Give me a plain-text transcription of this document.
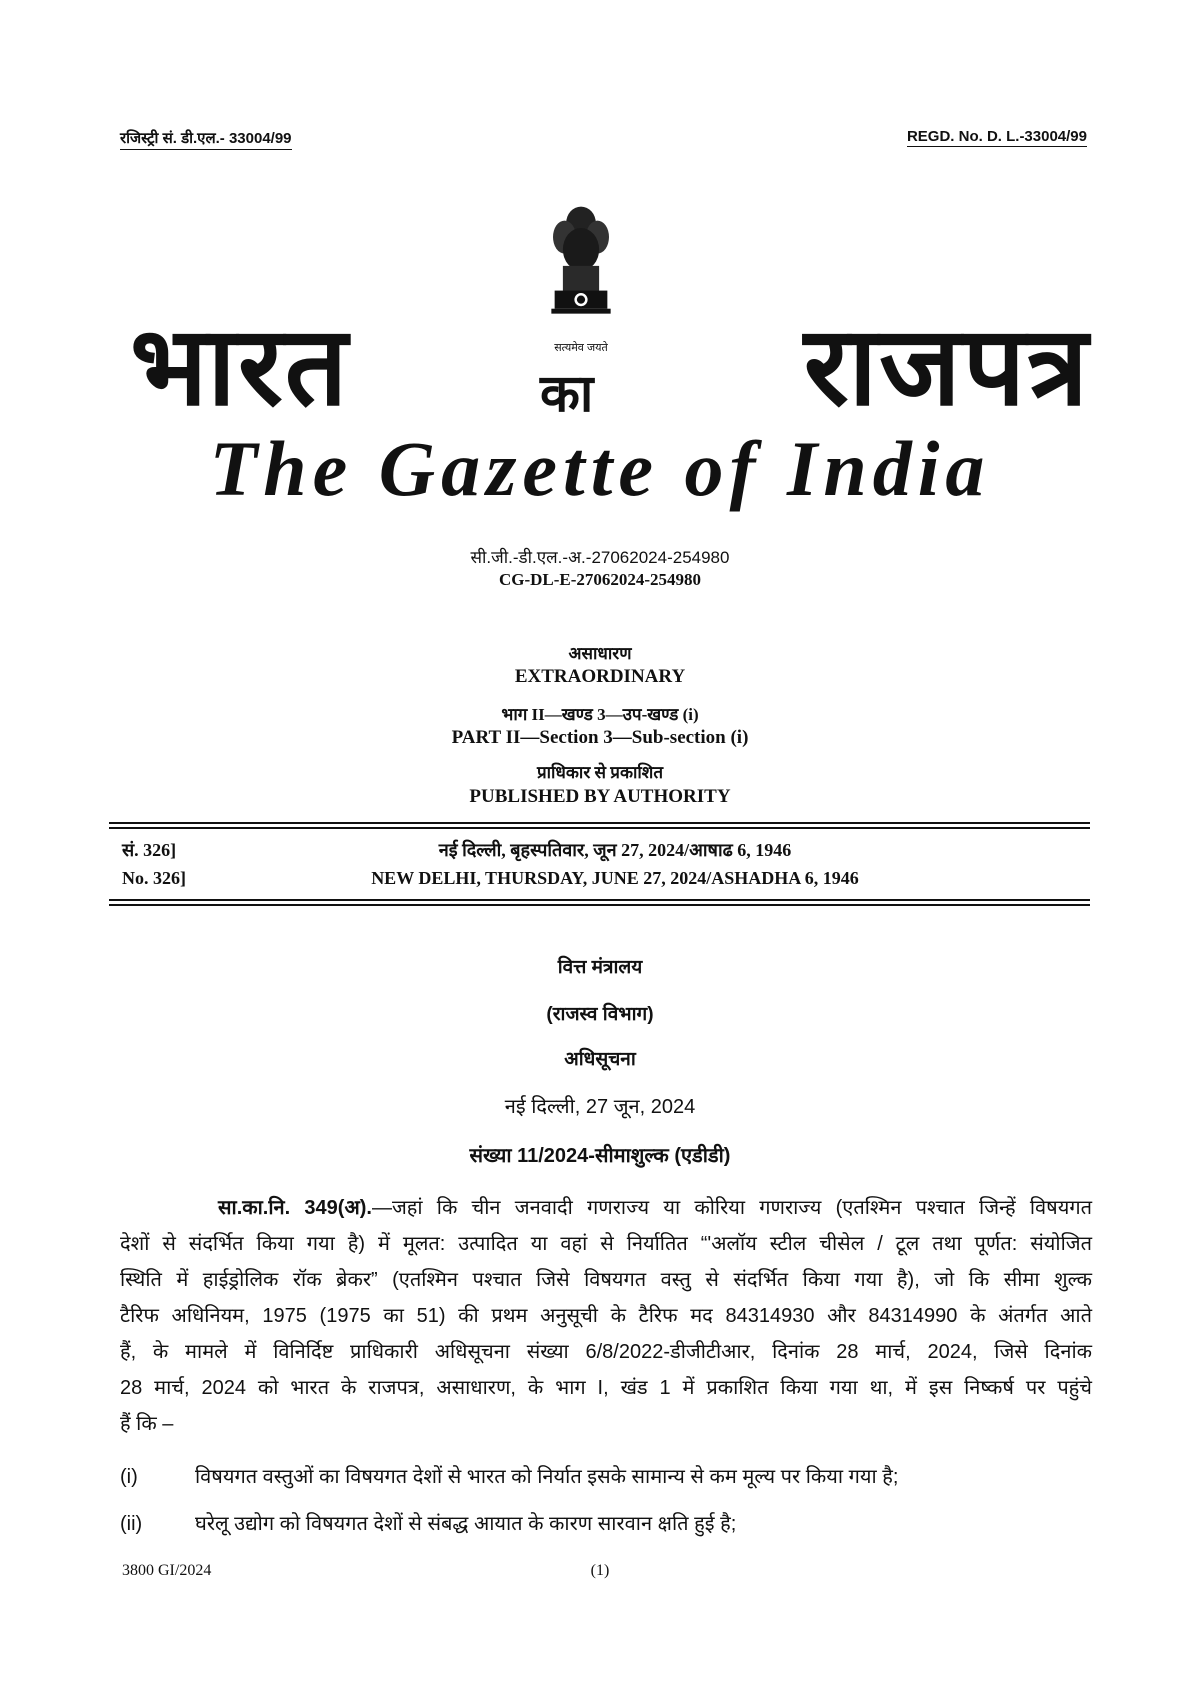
रजिस्ट्री सं. डी.एल.- 33004/99	REGD. No. D. L.-33004/99
सत्यमेव जयते
भारत	का राजपत्र
The Gazette of India
सी.जी.-डी.एल.-अ.-27062024-254980
CG-DL-E-27062024-254980
असाधारण
EXTRAORDINARY
भाग II—खण्ड 3—उप-खण्ड (i)
PART II—Section 3—Sub-section (i)
प्राधिकार से प्रकाशित
PUBLISHED BY AUTHORITY
सं. 326]	नई दिल्ली, बृहस्पतिवार, जून 27, 2024/आषाढ 6, 1946
No. 326]	NEW DELHI, THURSDAY, JUNE 27, 2024/ASHADHA 6, 1946
वित्त मंत्रालय
(राजस्व विभाग)
अधिसूचना
नई दिल्ली, 27 जून, 2024
संख्या 11/2024-सीमाशुल्क (एडीडी)
सा.का.नि. 349(अ).—जहां कि चीन जनवादी गणराज्य या कोरिया गणराज्य (एतश्मिन पश्चात जिन्हें विषयगत
देशों से संदर्भित किया गया है) में मूलत: उत्पादित या वहां से निर्यातित “'अलॉय स्टील चीसेल / टूल तथा पूर्णत: संयोजित
स्थिति में हाईड्रोलिक रॉक ब्रेकर” (एतश्मिन पश्चात जिसे विषयगत वस्तु से संदर्भित किया गया है), जो कि सीमा शुल्क
टैरिफ अधिनियम, 1975 (1975 का 51) की प्रथम अनुसूची के टैरिफ मद 84314930 और 84314990 के अंतर्गत आते
हैं, के मामले में विनिर्दिष्ट प्राधिकारी अधिसूचना संख्या 6/8/2022-डीजीटीआर, दिनांक 28 मार्च, 2024, जिसे दिनांक
28 मार्च, 2024 को भारत के राजपत्र, असाधारण, के भाग I, खंड 1 में प्रकाशित किया गया था, में इस निष्कर्ष पर पहुंचे
हैं कि –
(i)	विषयगत वस्तुओं का विषयगत देशों से भारत को निर्यात इसके सामान्य से कम मूल्य पर किया गया है;
(ii)	घरेलू उद्योग को विषयगत देशों से संबद्ध आयात के कारण सारवान क्षति हुई है;
3800 GI/2024	(1)
